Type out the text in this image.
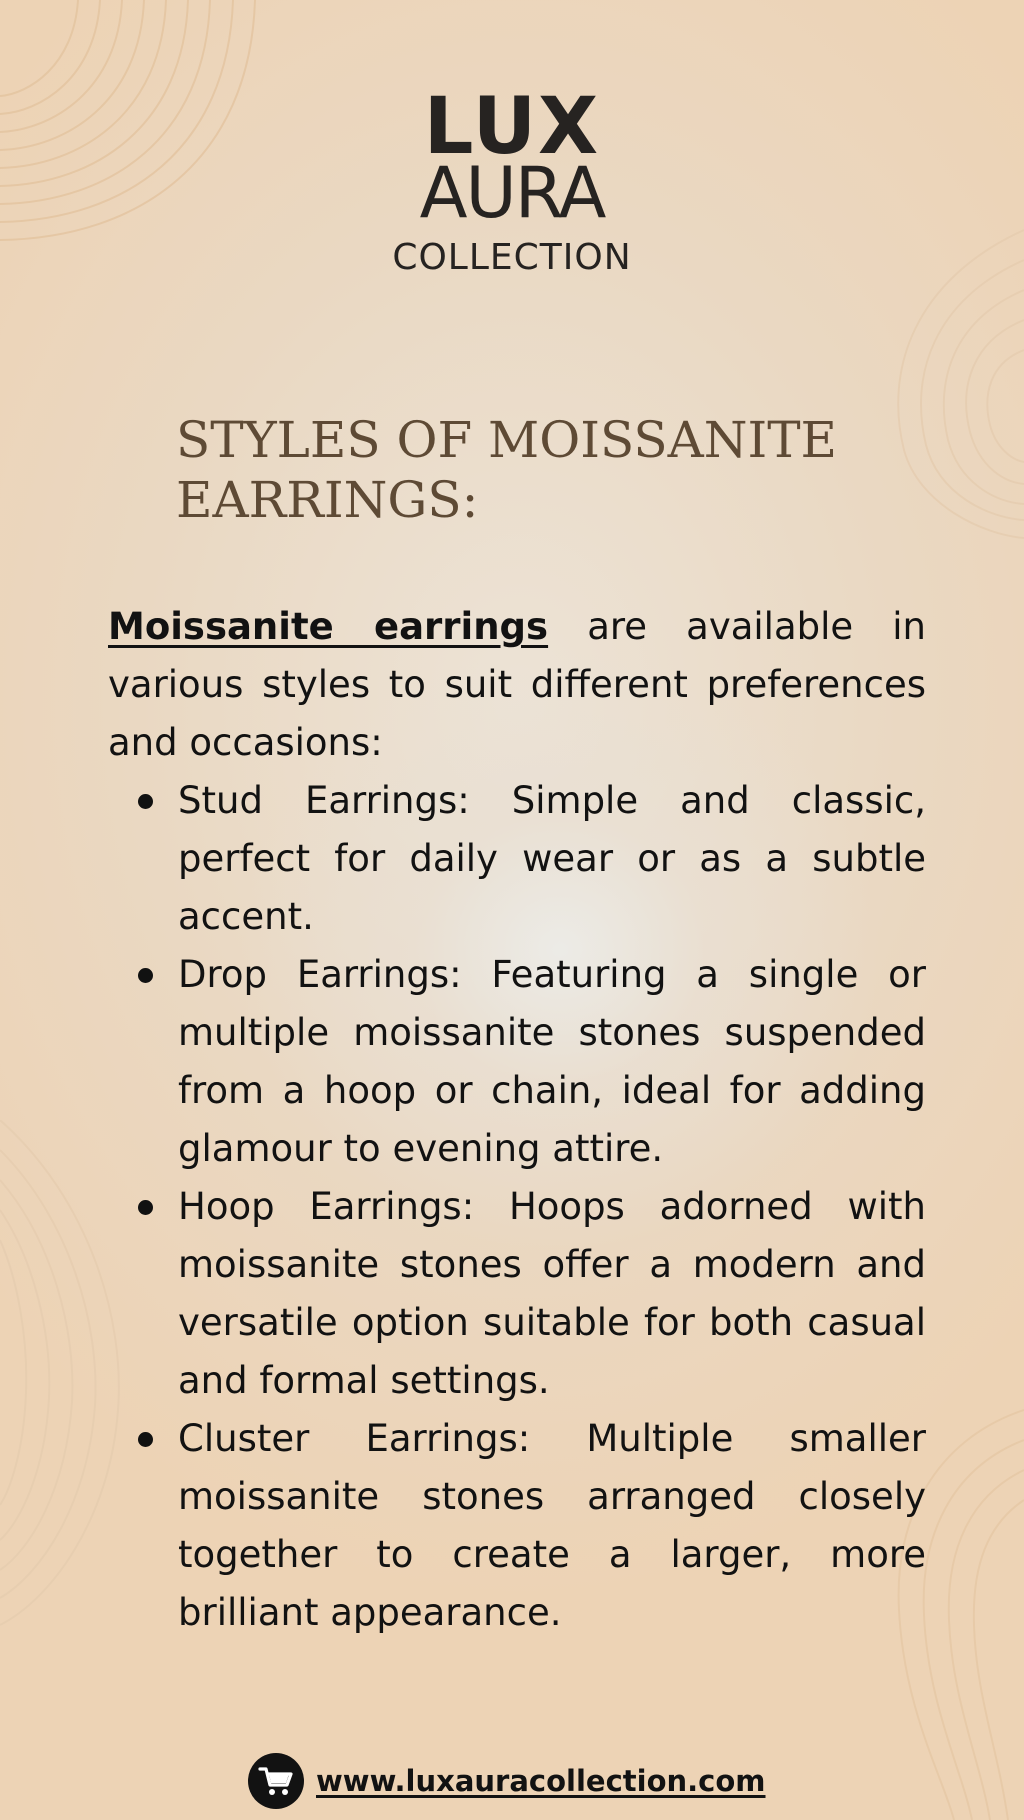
LUX
AURA
COLLECTION
STYLES OF MOISSANITE
EARRINGS:

Moissanite earrings are available in various styles to suit different preferences and occasions:

Stud Earrings: Simple and classic, perfect for daily wear or as a subtle accent.
Drop Earrings: Featuring a single or multiple moissanite stones suspended from a hoop or chain, ideal for adding glamour to evening attire.
Hoop Earrings: Hoops adorned with moissanite stones offer a modern and versatile option suitable for both casual and formal settings.
Cluster Earrings: Multiple smaller moissanite stones arranged closely together to create a larger, more brilliant appearance.
www.luxauracollection.com
